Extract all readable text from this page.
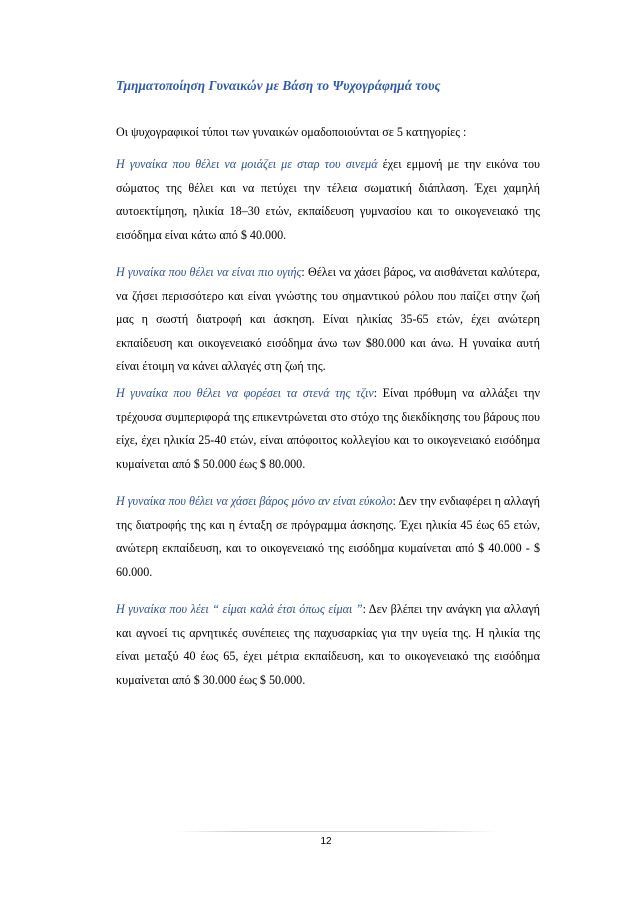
Τμηματοποίηση Γυναικών με Βάση το Ψυχογράφημά τους
Οι ψυχογραφικοί τύποι των γυναικών ομαδοποιούνται σε 5 κατηγορίες :

Η γυναίκα που θέλει να μοιάζει με σταρ του σινεμά έχει εμμονή με την εικόνα του σώματος της θέλει και να πετύχει την τέλεια σωματική διάπλαση. Έχει χαμηλή αυτοεκτίμηση, ηλικία 18–30 ετών, εκπαίδευση γυμνασίου και το οικογενειακό της εισόδημα είναι κάτω από $ 40.000.

Η γυναίκα που θέλει να είναι πιο υγιής: Θέλει να χάσει βάρος, να αισθάνεται καλύτερα, να ζήσει περισσότερο και είναι γνώστης του σημαντικού ρόλου που παίζει στην ζωή μας η σωστή διατροφή και άσκηση. Είναι ηλικίας 35-65 ετών, έχει ανώτερη εκπαίδευση και οικογενειακό εισόδημα άνω των $80.000 και άνω. Η γυναίκα αυτή είναι έτοιμη να κάνει αλλαγές στη ζωή της.

Η γυναίκα που θέλει να φορέσει τα στενά της τζιν: Είναι πρόθυμη να αλλάξει την τρέχουσα συμπεριφορά της επικεντρώνεται στο στόχο της διεκδίκησης του βάρους που είχε, έχει ηλικία 25-40 ετών, είναι απόφοιτος κολλεγίου και το οικογενειακό εισόδημα κυμαίνεται από $ 50.000 έως $ 80.000.

Η γυναίκα που θέλει να χάσει βάρος μόνο αν είναι εύκολο: Δεν την ενδιαφέρει η αλλαγή της διατροφής της και η ένταξη σε πρόγραμμα άσκησης. Έχει ηλικία 45 έως 65 ετών, ανώτερη εκπαίδευση, και το οικογενειακό της εισόδημα κυμαίνεται από $ 40.000 - $ 60.000.

Η γυναίκα που λέει “ είμαι καλά έτσι όπως είμαι ”: Δεν βλέπει την ανάγκη για αλλαγή και αγνοεί τις αρνητικές συνέπειες της παχυσαρκίας για την υγεία της. Η ηλικία της είναι μεταξύ 40 έως 65, έχει μέτρια εκπαίδευση, και το οικογενειακό της εισόδημα κυμαίνεται από $ 30.000 έως $ 50.000.

12
